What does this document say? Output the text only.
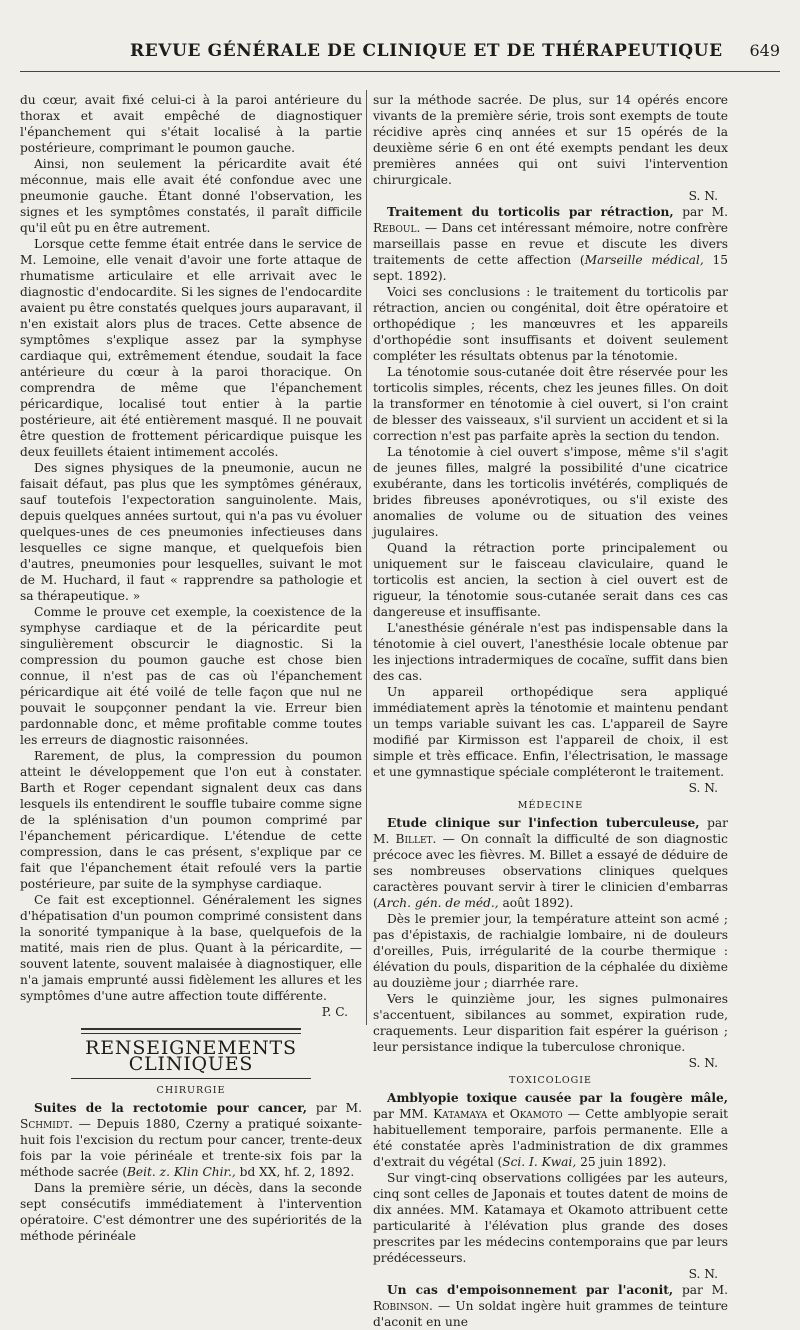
REVUE GÉNÉRALE DE CLINIQUE ET DE THÉRAPEUTIQUE 649

du cœur, avait fixé celui-ci à la paroi antérieure du thorax et avait empêché de diagnostiquer l'épanchement qui s'était localisé à la partie postérieure, comprimant le poumon gauche.

Ainsi, non seulement la péricardite avait été méconnue, mais elle avait été confondue avec une pneumonie gauche. Étant donné l'observation, les signes et les symptômes constatés, il paraît difficile qu'il eût pu en être autrement.

Lorsque cette femme était entrée dans le service de M. Lemoine, elle venait d'avoir une forte attaque de rhumatisme articulaire et elle arrivait avec le diagnostic d'endocardite. Si les signes de l'endocardite avaient pu être constatés quelques jours auparavant, il n'en existait alors plus de traces. Cette absence de symptômes s'explique assez par la symphyse cardiaque qui, extrêmement étendue, soudait la face antérieure du cœur à la paroi thoracique. On comprendra de même que l'épanchement péricardique, localisé tout entier à la partie postérieure, ait été entièrement masqué. Il ne pouvait être question de frottement péricardique puisque les deux feuillets étaient intimement accolés.

Des signes physiques de la pneumonie, aucun ne faisait défaut, pas plus que les symptômes généraux, sauf toutefois l'expectoration sanguinolente. Mais, depuis quelques années surtout, qui n'a pas vu évoluer quelques-unes de ces pneumonies infectieuses dans lesquelles ce signe manque, et quelquefois bien d'autres, pneumonies pour lesquelles, suivant le mot de M. Huchard, il faut « rapprendre sa pathologie et sa thérapeutique. »

Comme le prouve cet exemple, la coexistence de la symphyse cardiaque et de la péricardite peut singulièrement obscurcir le diagnostic. Si la compression du poumon gauche est chose bien connue, il n'est pas de cas où l'épanchement péricardique ait été voilé de telle façon que nul ne pouvait le soupçonner pendant la vie. Erreur bien pardonnable donc, et même profitable comme toutes les erreurs de diagnostic raisonnées.

Rarement, de plus, la compression du poumon atteint le développement que l'on eut à constater. Barth et Roger cependant signalent deux cas dans lesquels ils entendirent le souffle tubaire comme signe de la splénisation d'un poumon comprimé par l'épanchement péricardique. L'étendue de cette compression, dans le cas présent, s'explique par ce fait que l'épanchement était refoulé vers la partie postérieure, par suite de la symphyse cardiaque.

Ce fait est exceptionnel. Généralement les signes d'hépatisation d'un poumon comprimé consistent dans la sonorité tympanique à la base, quelquefois de la matité, mais rien de plus. Quant à la péricardite, — souvent latente, souvent malaisée à diagnostiquer, elle n'a jamais emprunté aussi fidèlement les allures et les symptômes d'une autre affection toute différente.

P. C.
RENSEIGNEMENTS CLINIQUES
CHIRURGIE

Suites de la rectotomie pour cancer, par M. Schmidt. — Depuis 1880, Czerny a pratiqué soixante-huit fois l'excision du rectum pour cancer, trente-deux fois par la voie périnéale et trente-six fois par la méthode sacrée (Beit. z. Klin Chir., bd XX, hf. 2, 1892.

Dans la première série, un décès, dans la seconde sept consécutifs immédiatement à l'intervention opératoire. C'est démontrer une des supériorités de la méthode périnéale

sur la méthode sacrée. De plus, sur 14 opérés encore vivants de la première série, trois sont exempts de toute récidive après cinq années et sur 15 opérés de la deuxième série 6 en ont été exempts pendant les deux premières années qui ont suivi l'intervention chirurgicale.

S. N.

Traitement du torticolis par rétraction, par M. Reboul. — Dans cet intéressant mémoire, notre confrère marseillais passe en revue et discute les divers traitements de cette affection (Marseille médical, 15 sept. 1892).

Voici ses conclusions : le traitement du torticolis par rétraction, ancien ou congénital, doit être opératoire et orthopédique ; les manœuvres et les appareils d'orthopédie sont insuffisants et doivent seulement compléter les résultats obtenus par la ténotomie.

La ténotomie sous-cutanée doit être réservée pour les torticolis simples, récents, chez les jeunes filles. On doit la transformer en ténotomie à ciel ouvert, si l'on craint de blesser des vaisseaux, s'il survient un accident et si la correction n'est pas parfaite après la section du tendon.

La ténotomie à ciel ouvert s'impose, même s'il s'agit de jeunes filles, malgré la possibilité d'une cicatrice exubérante, dans les torticolis invétérés, compliqués de brides fibreuses aponévrotiques, ou s'il existe des anomalies de volume ou de situation des veines jugulaires.

Quand la rétraction porte principalement ou uniquement sur le faisceau claviculaire, quand le torticolis est ancien, la section à ciel ouvert est de rigueur, la ténotomie sous-cutanée serait dans ces cas dangereuse et insuffisante.

L'anesthésie générale n'est pas indispensable dans la ténotomie à ciel ouvert, l'anesthésie locale obtenue par les injections intradermiques de cocaïne, suffit dans bien des cas.

Un appareil orthopédique sera appliqué immédiatement après la ténotomie et maintenu pendant un temps variable suivant les cas. L'appareil de Sayre modifié par Kirmisson est l'appareil de choix, il est simple et très efficace. Enfin, l'électrisation, le massage et une gymnastique spéciale compléteront le traitement.

S. N.
MÉDECINE

Etude clinique sur l'infection tuberculeuse, par M. Billet. — On connaît la difficulté de son diagnostic précoce avec les fièvres. M. Billet a essayé de déduire de ses nombreuses observations cliniques quelques caractères pouvant servir à tirer le clinicien d'embarras (Arch. gén. de méd., août 1892).

Dès le premier jour, la température atteint son acmé ; pas d'épistaxis, de rachialgie lombaire, ni de douleurs d'oreilles, Puis, irrégularité de la courbe thermique : élévation du pouls, disparition de la céphalée du dixième au douzième jour ; diarrhée rare.

Vers le quinzième jour, les signes pulmonaires s'accentuent, sibilances au sommet, expiration rude, craquements. Leur disparition fait espérer la guérison ; leur persistance indique la tuberculose chronique.

S. N.
TOXICOLOGIE

Amblyopie toxique causée par la fougère mâle, par MM. Katamaya et Okamoto — Cette amblyopie serait habituellement temporaire, parfois permanente. Elle a été constatée après l'administration de dix grammes d'extrait du végétal (Sci. I. Kwai, 25 juin 1892).

Sur vingt-cinq observations colligées par les auteurs, cinq sont celles de Japonais et toutes datent de moins de dix années. MM. Katamaya et Okamoto attribuent cette particularité à l'élévation plus grande des doses prescrites par les médecins contemporains que par leurs prédécesseurs.

S. N.

Un cas d'empoisonnement par l'aconit, par M. Robinson. — Un soldat ingère huit grammes de teinture d'aconit en une
